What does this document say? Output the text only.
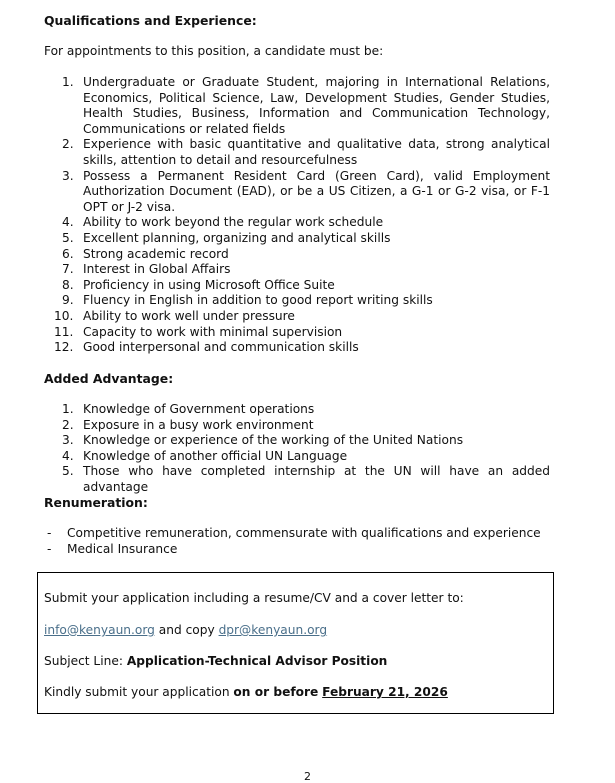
Qualifications and Experience:
For appointments to this position, a candidate must be:
1. Undergraduate or Graduate Student, majoring in International Relations, Economics, Political Science, Law, Development Studies, Gender Studies, Health Studies, Business, Information and Communication Technology, Communications or related fields
2. Experience with basic quantitative and qualitative data, strong analytical skills, attention to detail and resourcefulness
3. Possess a Permanent Resident Card (Green Card), valid Employment Authorization Document (EAD), or be a US Citizen, a G-1 or G-2 visa, or F-1 OPT or J-2 visa.
4. Ability to work beyond the regular work schedule
5. Excellent planning, organizing and analytical skills
6. Strong academic record
7. Interest in Global Affairs
8. Proficiency in using Microsoft Office Suite
9. Fluency in English in addition to good report writing skills
10. Ability to work well under pressure
11. Capacity to work with minimal supervision
12. Good interpersonal and communication skills
Added Advantage:
1. Knowledge of Government operations
2. Exposure in a busy work environment
3. Knowledge or experience of the working of the United Nations
4. Knowledge of another official UN Language
5. Those who have completed internship at the UN will have an added advantage
Renumeration:
- Competitive remuneration, commensurate with qualifications and experience
- Medical Insurance
Submit your application including a resume/CV and a cover letter to:
info@kenyaun.org and copy dpr@kenyaun.org
Subject Line: Application-Technical Advisor Position
Kindly submit your application on or before February 21, 2026
2
